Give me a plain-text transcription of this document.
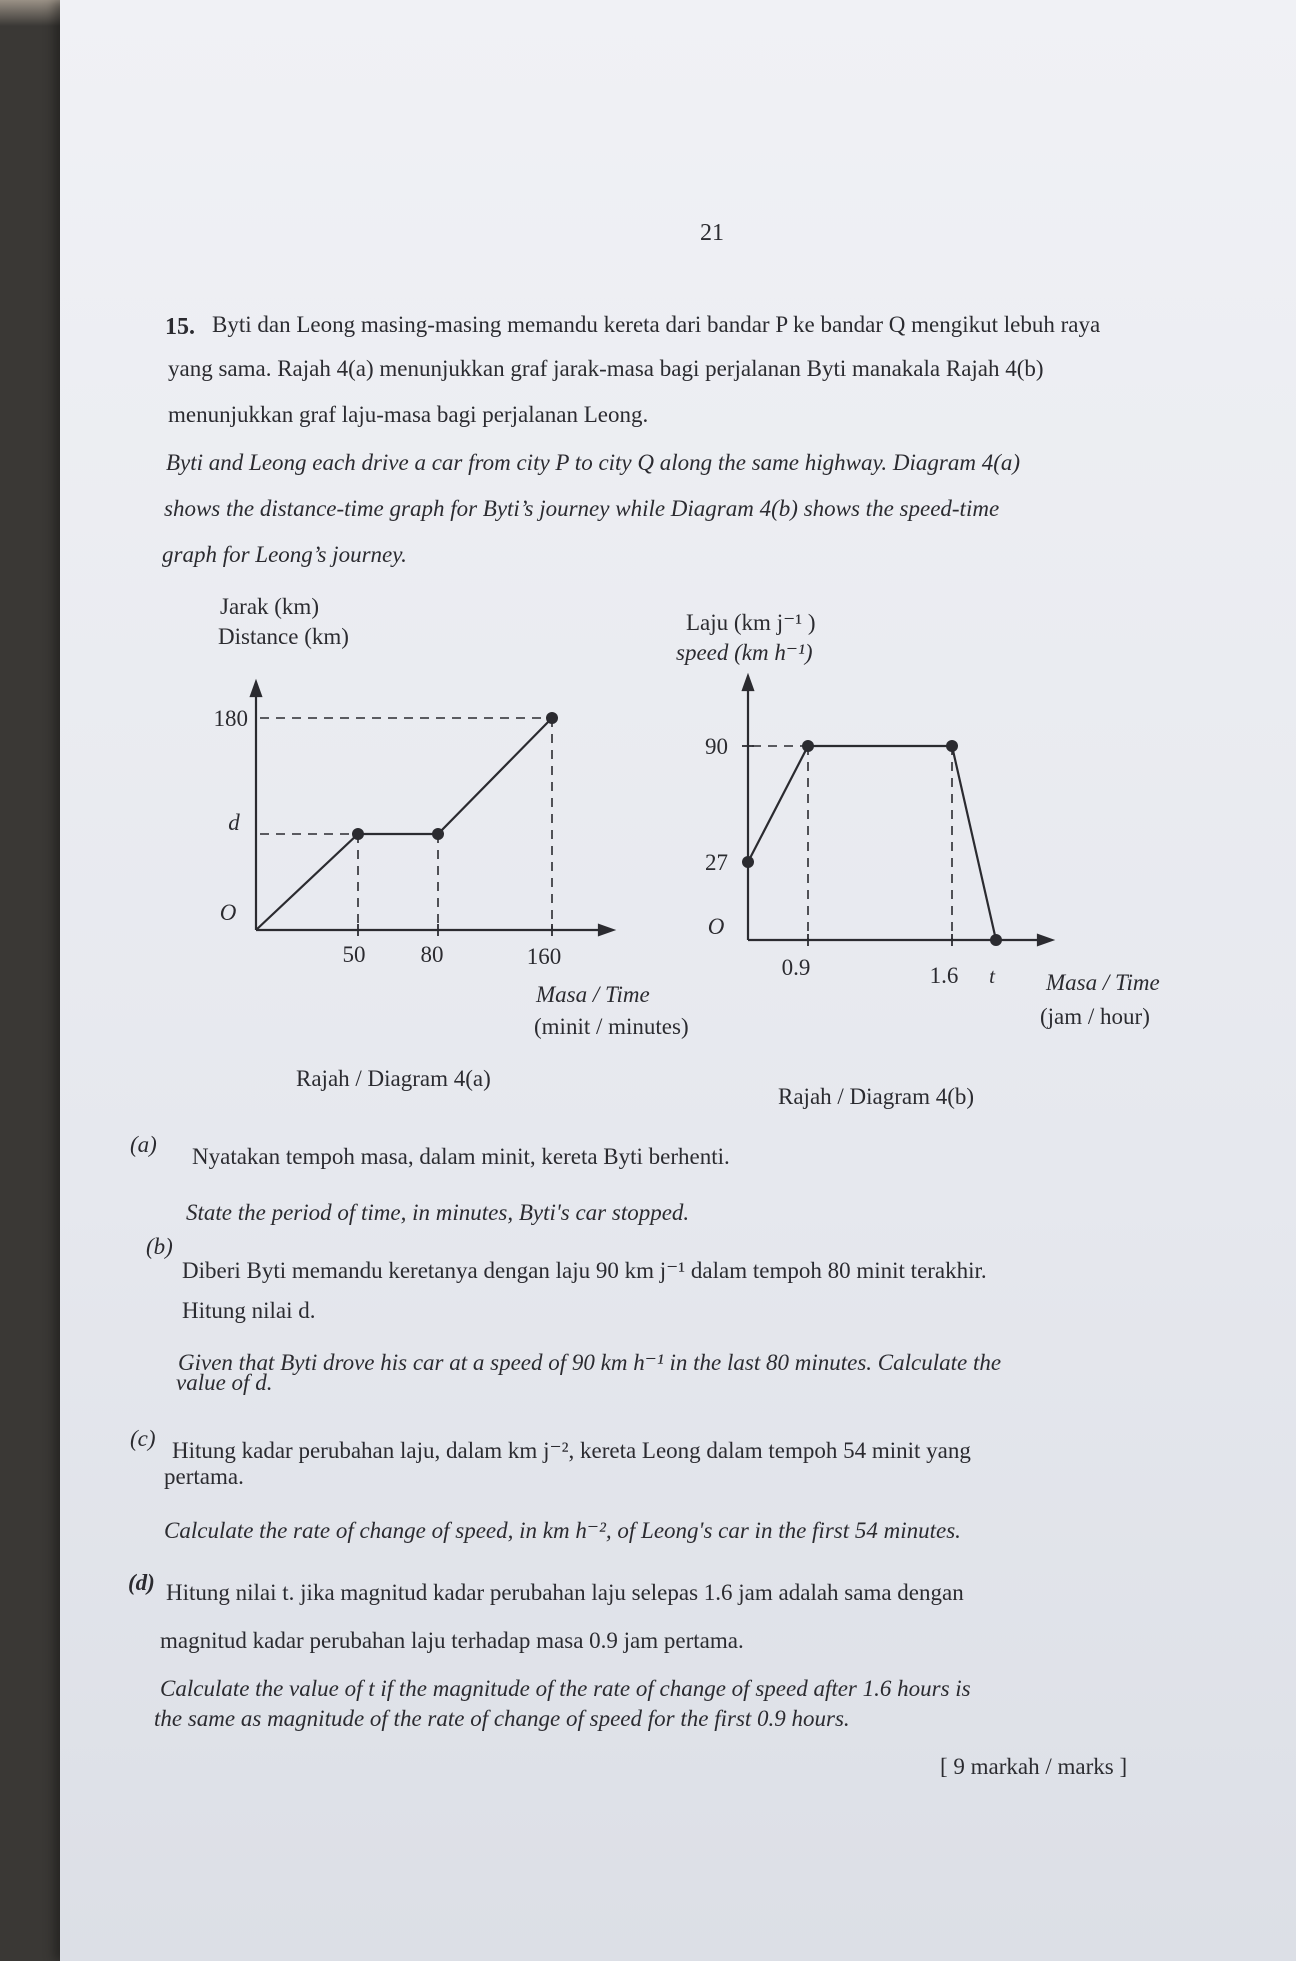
21
15. Byti dan Leong masing-masing memandu kereta dari bandar P ke bandar Q mengikut lebuh raya
yang sama. Rajah 4(a) menunjukkan graf jarak-masa bagi perjalanan Byti manakala Rajah 4(b)
menunjukkan graf laju-masa bagi perjalanan Leong.
Byti and Leong each drive a car from city P to city Q along the same highway. Diagram 4(a)
shows the distance-time graph for Byti’s journey while Diagram 4(b) shows the speed-time
graph for Leong’s journey.
Jarak (km)
Distance (km)
180
d
O
50 80	160
Masa / Time
(minit / minutes)
Rajah / Diagram 4(a)
Laju (km j⁻¹ )
speed (km h⁻¹)
90
27
O
0.9	1.6 t Masa / Time
(jam / hour)
Rajah / Diagram 4(b)
(a) Nyatakan tempoh masa, dalam minit, kereta Byti berhenti.
State the period of time, in minutes, Byti's car stopped.
(b)
Diberi Byti memandu keretanya dengan laju 90 km j⁻¹ dalam tempoh 80 minit terakhir.
Hitung nilai d.
Given that Byti drove his car at a speed of 90 km h⁻¹ in the last 80 minutes. Calculate the
value of d.
(c) Hitung kadar perubahan laju, dalam km j⁻², kereta Leong dalam tempoh 54 minit yang
pertama.
Calculate the rate of change of speed, in km h⁻², of Leong's car in the first 54 minutes.
(d) Hitung nilai t. jika magnitud kadar perubahan laju selepas 1.6 jam adalah sama dengan
magnitud kadar perubahan laju terhadap masa 0.9 jam pertama.
Calculate the value of t if the magnitude of the rate of change of speed after 1.6 hours is
the same as magnitude of the rate of change of speed for the first 0.9 hours.
[ 9 markah / marks ]
